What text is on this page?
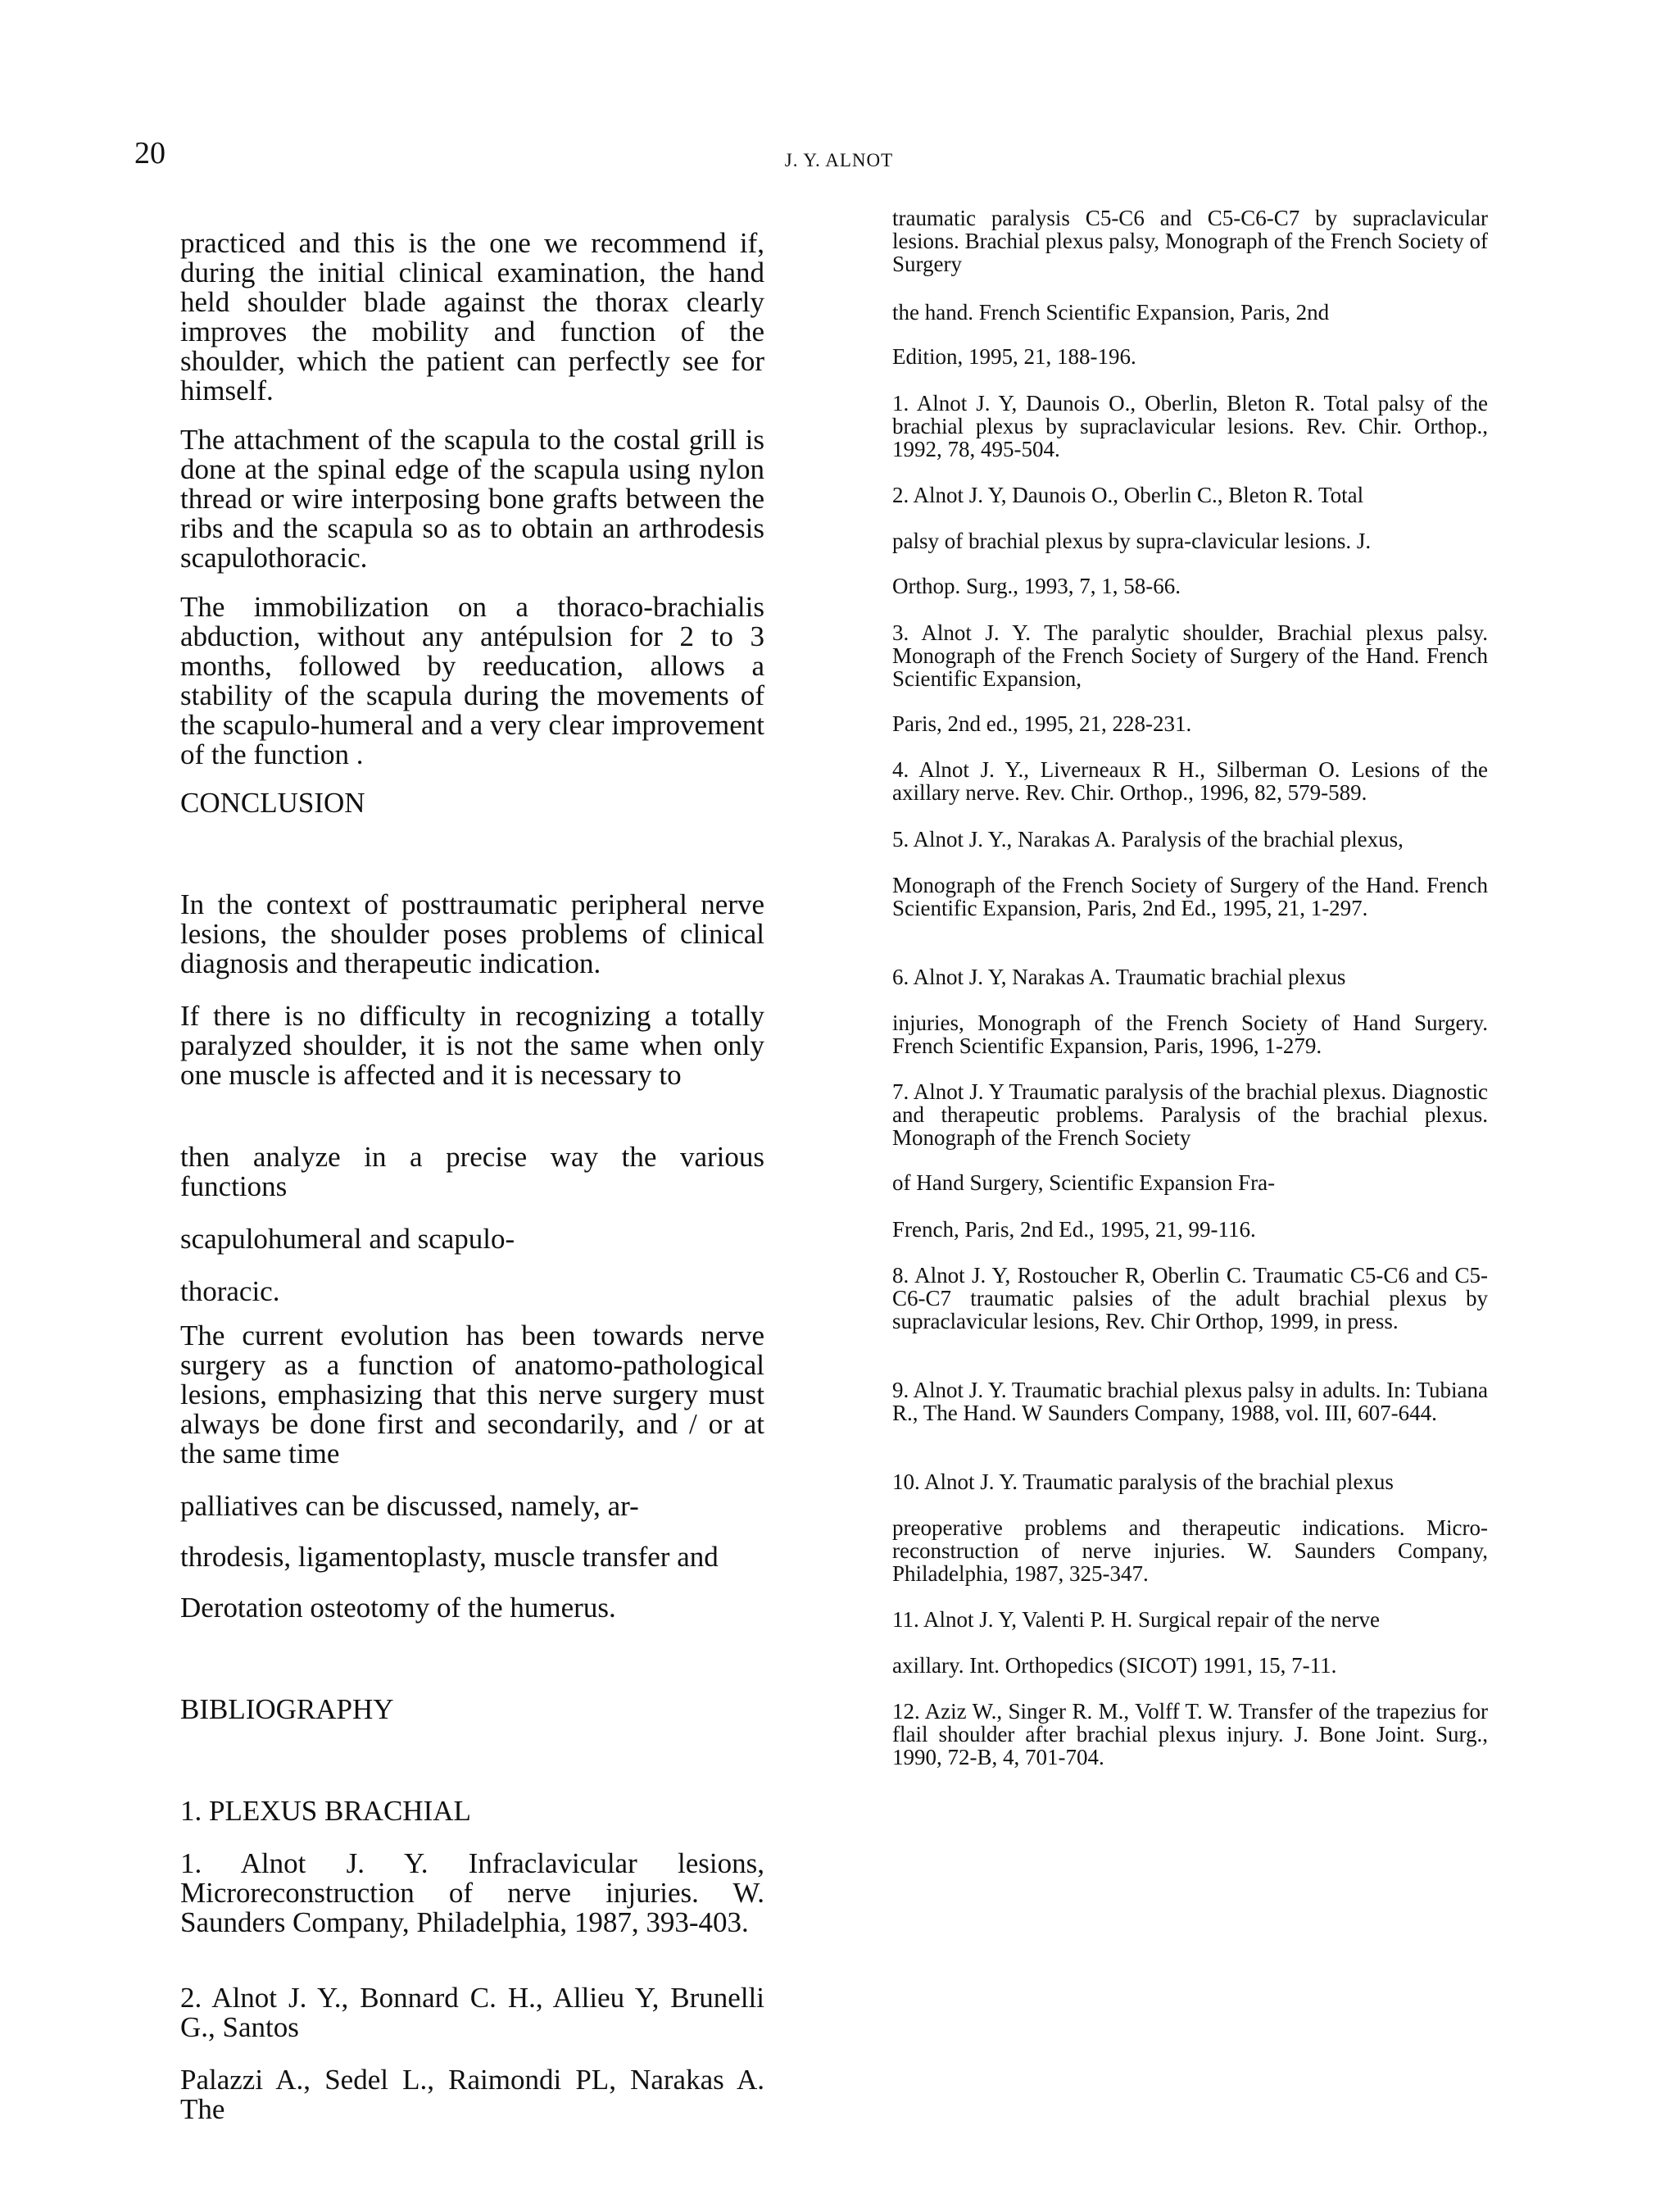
20	J. Y. ALNOT

practiced and this is the one we recommend if, during the initial clinical examination, the hand held shoulder blade against the thorax clearly improves the mobility and function of the shoulder, which the patient can perfectly see for himself.

The attachment of the scapula to the costal grill is done at the spinal edge of the scapula using nylon thread or wire interposing bone grafts between the ribs and the scapula so as to obtain an arthrodesis scapulothoracic.

The immobilization on a thoraco-brachialis abduction, without any antépulsion for 2 to 3 months, followed by reeducation, allows a stability of the scapula during the movements of the scapulo-humeral and a very clear improvement of the function .

CONCLUSION

In the context of posttraumatic peripheral nerve lesions, the shoulder poses problems of clinical diagnosis and therapeutic indication.

If there is no difficulty in recognizing a totally paralyzed shoulder, it is not the same when only one muscle is affected and it is necessary to

then analyze in a precise way the various functions

scapulohumeral and scapulo-

thoracic.

The current evolution has been towards nerve surgery as a function of anatomo-pathological lesions, emphasizing that this nerve surgery must always be done first and secondarily, and / or at the same time

palliatives can be discussed, namely, ar-

throdesis, ligamentoplasty, muscle transfer and

Derotation osteotomy of the humerus.

BIBLIOGRAPHY

1. PLEXUS BRACHIAL

1. Alnot J. Y. Infraclavicular lesions, Microreconstruction of nerve injuries. W. Saunders Company, Philadelphia, 1987, 393-403.

2. Alnot J. Y., Bonnard C. H., Allieu Y, Brunelli G., Santos

Palazzi A., Sedel L., Raimondi PL, Narakas A. The

traumatic paralysis C5-C6 and C5-C6-C7 by supraclavicular lesions. Brachial plexus palsy, Monograph of the French Society of Surgery

the hand. French Scientific Expansion, Paris, 2nd

Edition, 1995, 21, 188-196.

1. Alnot J. Y, Daunois O., Oberlin, Bleton R. Total palsy of the brachial plexus by supraclavicular lesions. Rev. Chir. Orthop., 1992, 78, 495-504.

2. Alnot J. Y, Daunois O., Oberlin C., Bleton R. Total

palsy of brachial plexus by supra-clavicular lesions. J.

Orthop. Surg., 1993, 7, 1, 58-66.

3. Alnot J. Y. The paralytic shoulder, Brachial plexus palsy. Monograph of the French Society of Surgery of the Hand. French Scientific Expansion,

Paris, 2nd ed., 1995, 21, 228-231.

4. Alnot J. Y., Liverneaux R H., Silberman O. Lesions of the axillary nerve. Rev. Chir. Orthop., 1996, 82, 579-589.

5. Alnot J. Y., Narakas A. Paralysis of the brachial plexus,

Monograph of the French Society of Surgery of the Hand. French Scientific Expansion, Paris, 2nd Ed., 1995, 21, 1-297.

6. Alnot J. Y, Narakas A. Traumatic brachial plexus

injuries, Monograph of the French Society of Hand Surgery. French Scientific Expansion, Paris, 1996, 1-279.

7. Alnot J. Y Traumatic paralysis of the brachial plexus. Diagnostic and therapeutic problems. Paralysis of the brachial plexus. Monograph of the French Society

of Hand Surgery, Scientific Expansion Fra-

French, Paris, 2nd Ed., 1995, 21, 99-116.

8. Alnot J. Y, Rostoucher R, Oberlin C. Traumatic C5-C6 and C5-C6-C7 traumatic palsies of the adult brachial plexus by supraclavicular lesions, Rev. Chir Orthop, 1999, in press.

9. Alnot J. Y. Traumatic brachial plexus palsy in adults. In: Tubiana R., The Hand. W Saunders Company, 1988, vol. III, 607-644.

10. Alnot J. Y. Traumatic paralysis of the brachial plexus

preoperative problems and therapeutic indications. Micro-reconstruction of nerve injuries. W. Saunders Company, Philadelphia, 1987, 325-347.

11. Alnot J. Y, Valenti P. H. Surgical repair of the nerve

axillary. Int. Orthopedics (SICOT) 1991, 15, 7-11.

12. Aziz W., Singer R. M., Volff T. W. Transfer of the trapezius for flail shoulder after brachial plexus injury. J. Bone Joint. Surg., 1990, 72-B, 4, 701-704.
